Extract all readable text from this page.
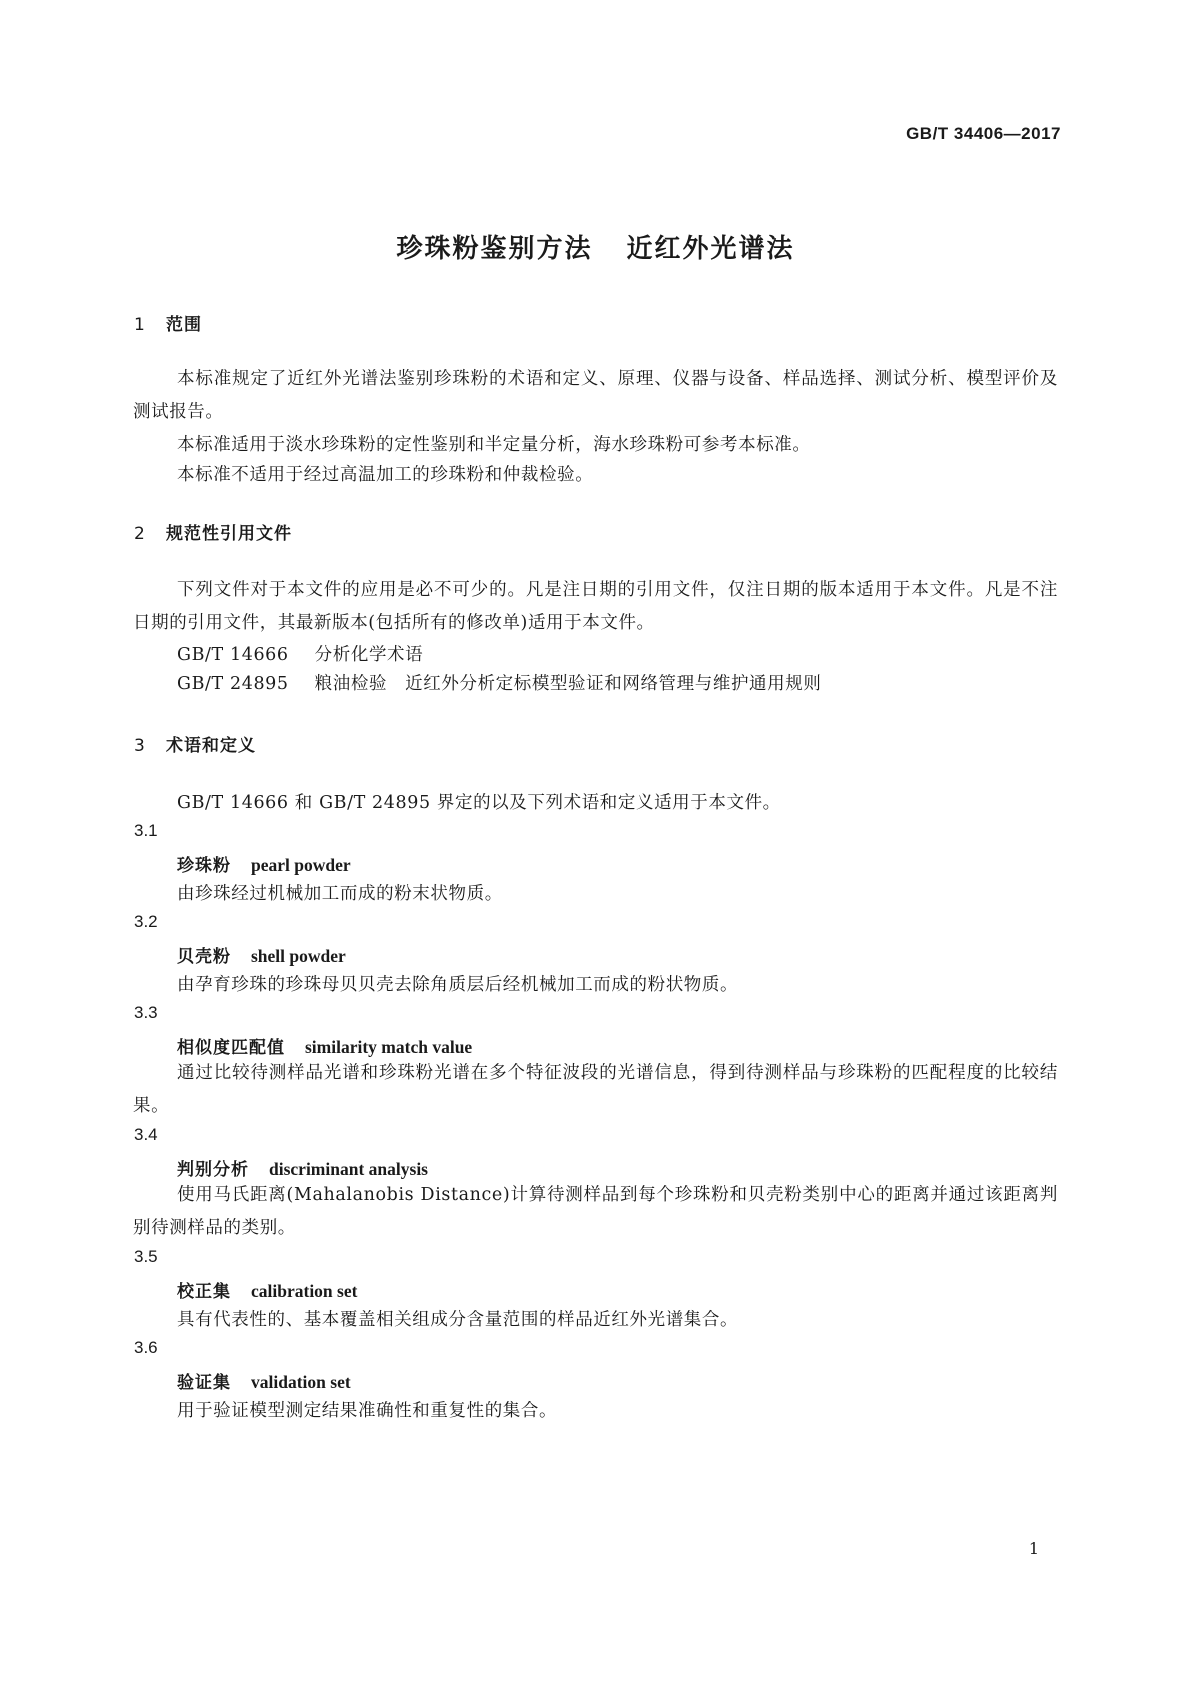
GB/T 34406—2017
珍珠粉鉴别方法 近红外光谱法
1 范围
本标准规定了近红外光谱法鉴别珍珠粉的术语和定义、原理、仪器与设备、样品选择、测试分析、模型评价及测试报告。
本标准适用于淡水珍珠粉的定性鉴别和半定量分析，海水珍珠粉可参考本标准。
本标准不适用于经过高温加工的珍珠粉和仲裁检验。
2 规范性引用文件
下列文件对于本文件的应用是必不可少的。凡是注日期的引用文件，仅注日期的版本适用于本文件。凡是不注日期的引用文件，其最新版本(包括所有的修改单)适用于本文件。
GB/T 14666 分析化学术语
GB/T 24895 粮油检验　近红外分析定标模型验证和网络管理与维护通用规则
3 术语和定义
GB/T 14666 和 GB/T 24895 界定的以及下列术语和定义适用于本文件。
3.1
珍珠粉 pearl powder
由珍珠经过机械加工而成的粉末状物质。
3.2
贝壳粉 shell powder
由孕育珍珠的珍珠母贝贝壳去除角质层后经机械加工而成的粉状物质。
3.3
相似度匹配值 similarity match value
通过比较待测样品光谱和珍珠粉光谱在多个特征波段的光谱信息，得到待测样品与珍珠粉的匹配程度的比较结果。
3.4
判别分析 discriminant analysis
使用马氏距离(Mahalanobis Distance)计算待测样品到每个珍珠粉和贝壳粉类别中心的距离并通过该距离判别待测样品的类别。
3.5
校正集 calibration set
具有代表性的、基本覆盖相关组成分含量范围的样品近红外光谱集合。
3.6
验证集 validation set
用于验证模型测定结果准确性和重复性的集合。
1
